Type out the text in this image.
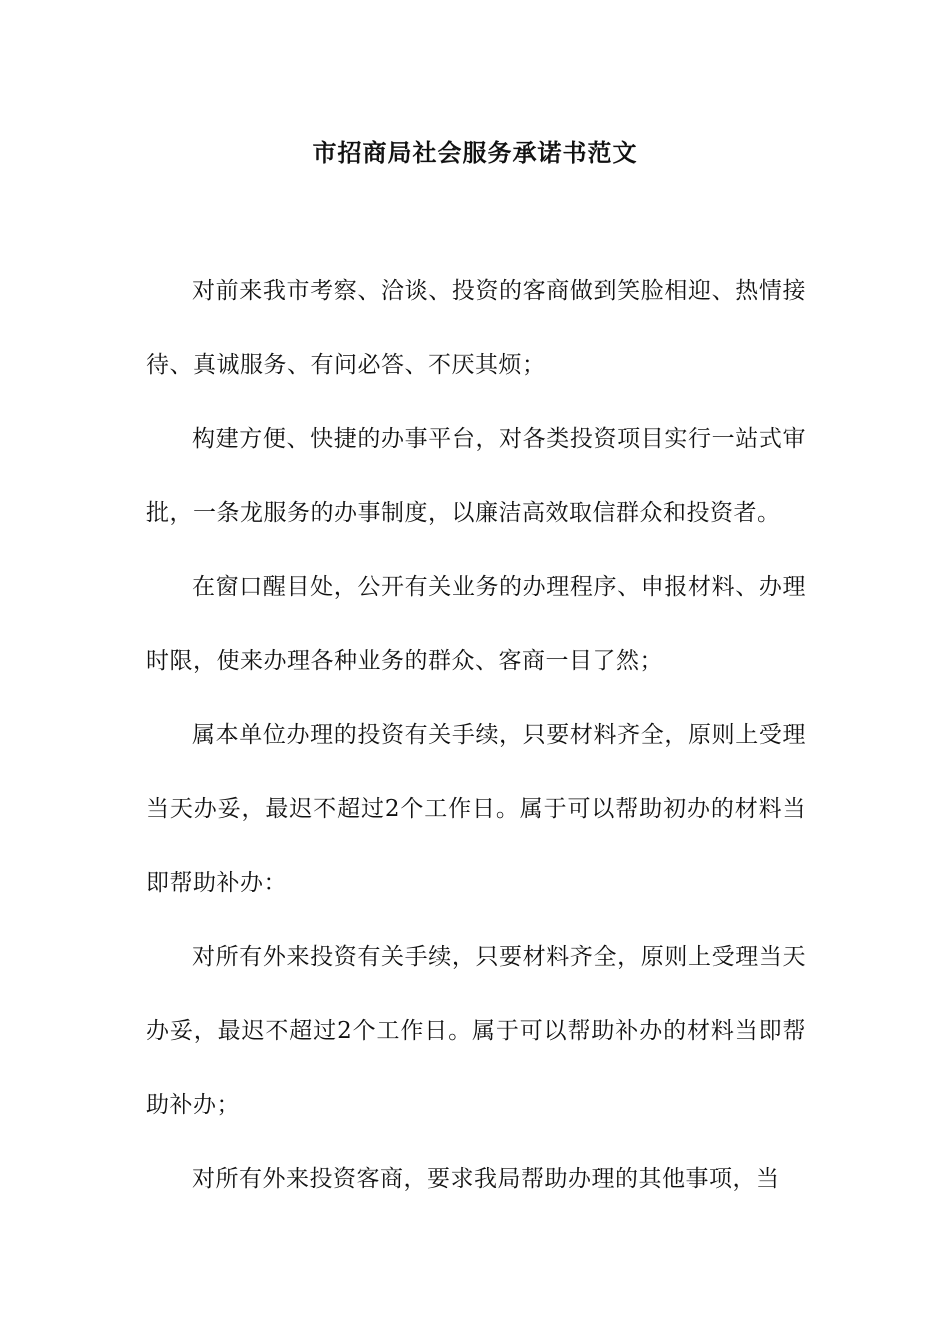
市招商局社会服务承诺书范文

对前来我市考察、洽谈、投资的客商做到笑脸相迎、热情接待、真诚服务、有问必答、不厌其烦；

构建方便、快捷的办事平台，对各类投资项目实行一站式审批，一条龙服务的办事制度，以廉洁高效取信群众和投资者。

在窗口醒目处，公开有关业务的办理程序、申报材料、办理时限，使来办理各种业务的群众、客商一目了然；

属本单位办理的投资有关手续，只要材料齐全，原则上受理当天办妥，最迟不超过2个工作日。属于可以帮助初办的材料当即帮助补办：

对所有外来投资有关手续，只要材料齐全，原则上受理当天办妥，最迟不超过2个工作日。属于可以帮助补办的材料当即帮助补办；

对所有外来投资客商，要求我局帮助办理的其他事项，当
